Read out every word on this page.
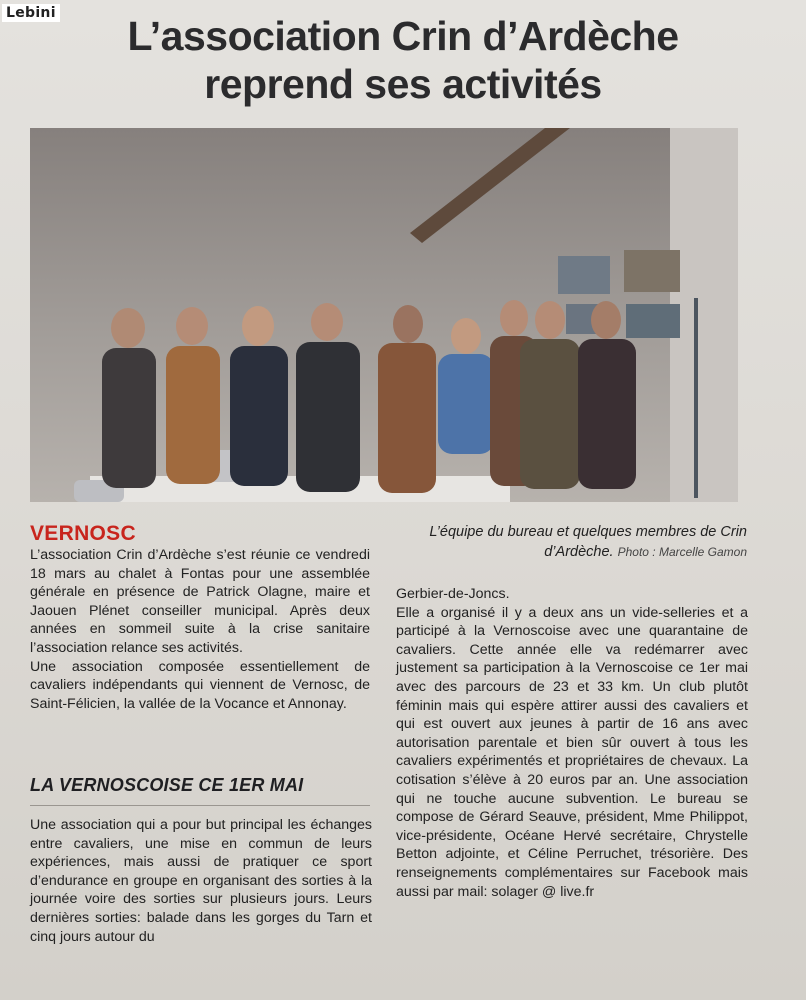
Lebini	L’association Crin d’Ardèche
reprend ses activités
VERNOSC	L’équipe du bureau et quelques membres de Crin d’Ardèche. Photo : Marcelle Gamon

L’association Crin d’Ardèche s’est réunie ce vendredi 18 mars au chalet à Fontas pour une assemblée générale en présence de Patrick Olagne, maire et Jaouen Plénet conseiller municipal. Après deux années en sommeil suite à la crise sanitaire l’association relance ses activités.

Une association composée essentiellement de cavaliers indépendants qui viennent de Vernosc, de Saint-Félicien, la vallée de la Vocance et Annonay.

LA VERNOSCOISE CE 1ER MAI

Une association qui a pour but principal les échanges entre cavaliers, une mise en commun de leurs expériences, mais aussi de pratiquer ce sport d’endurance en groupe en organisant des sorties à la journée voire des sorties sur plusieurs jours. Leurs dernières sorties: balade dans les gorges du Tarn et cinq jours autour du

Gerbier-de-Joncs.

Elle a organisé il y a deux ans un vide-selleries et a participé à la Vernoscoise avec une quarantaine de cavaliers. Cette année elle va redémarrer avec justement sa participation à la Vernoscoise ce 1er mai avec des parcours de 23 et 33 km. Un club plutôt féminin mais qui espère attirer aussi des cavaliers et qui est ouvert aux jeunes à partir de 16 ans avec autorisation parentale et bien sûr ouvert à tous les cavaliers expérimentés et propriétaires de chevaux. La cotisation s’élève à 20 euros par an. Une association qui ne touche aucune subvention. Le bureau se compose de Gérard Seauve, président, Mme Philippot, vice-présidente, Océane Hervé secrétaire, Chrystelle Betton adjointe, et Céline Perruchet, trésorière. Des renseignements complémentaires sur Facebook mais aussi par mail: solager @ live.fr
